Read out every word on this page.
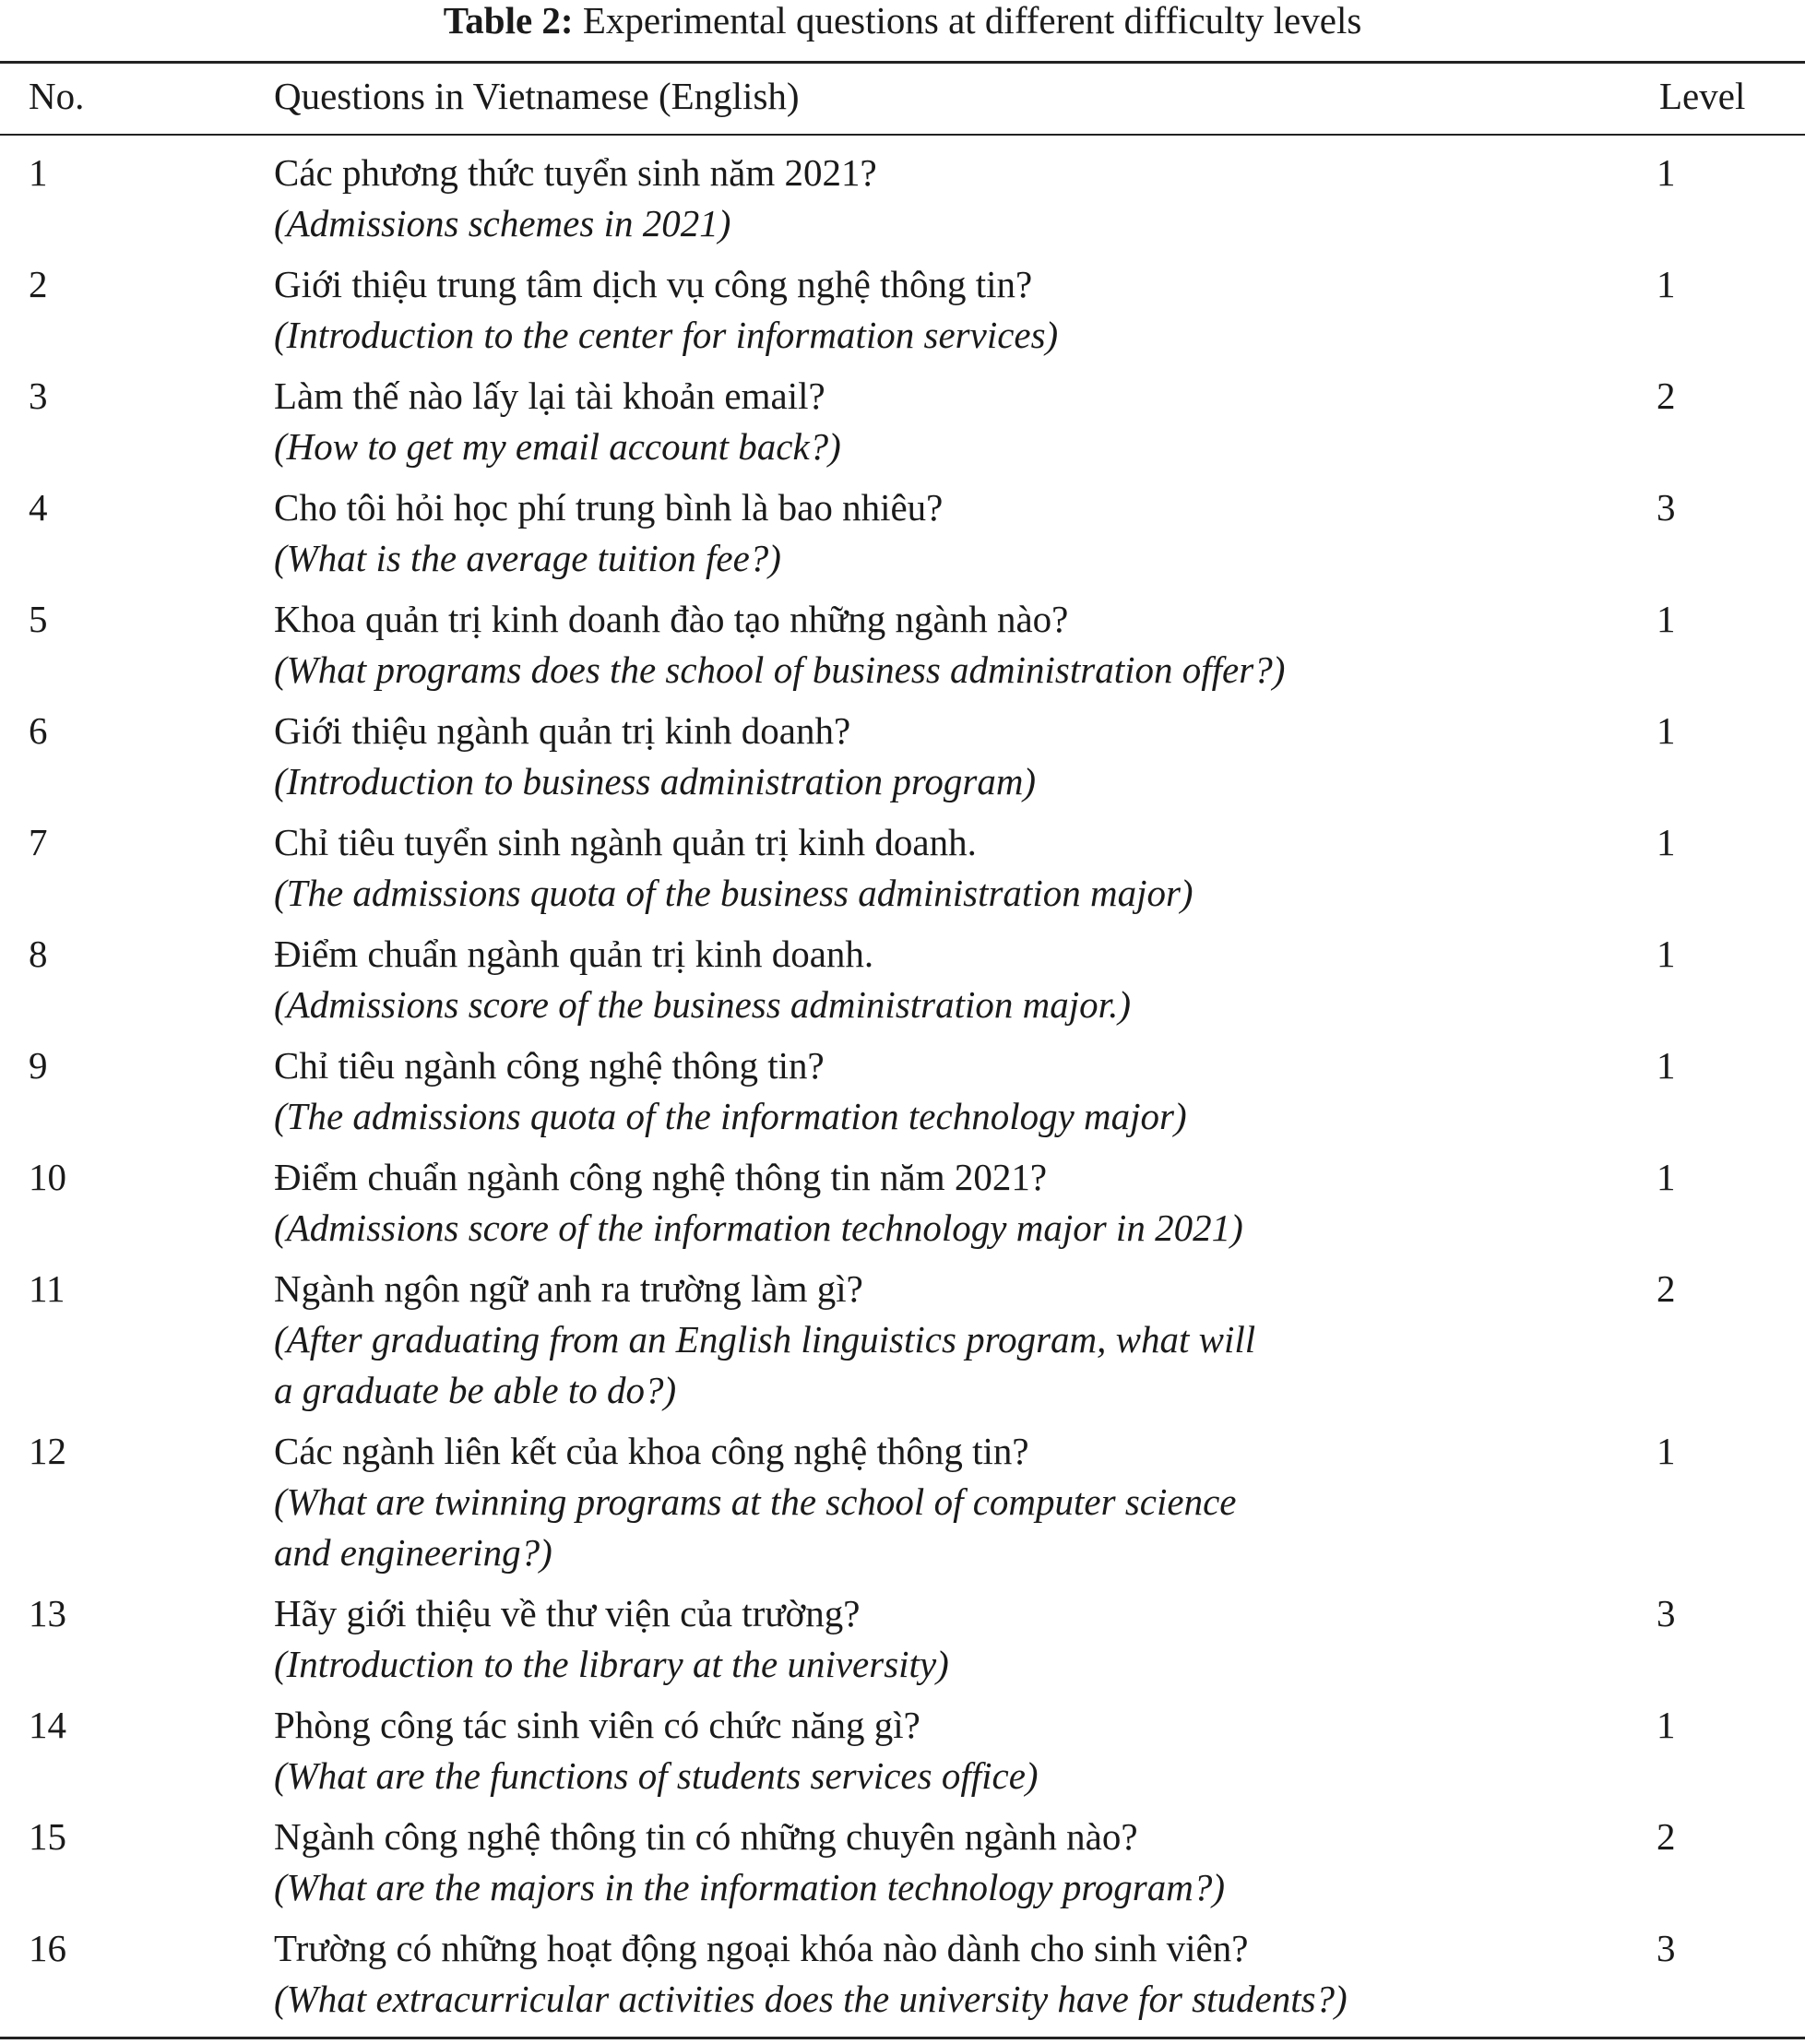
Table 2: Experimental questions at different difficulty levels
No.	Questions in Vietnamese (English)	Level
1	Các phương thức tuyển sinh năm 2021?
(Admissions schemes in 2021)
1
2	Giới thiệu trung tâm dịch vụ công nghệ thông tin?
(Introduction to the center for information services)
1
3	Làm thế nào lấy lại tài khoản email?
(How to get my email account back?)
2
4	Cho tôi hỏi học phí trung bình là bao nhiêu?
(What is the average tuition fee?)
3
5	Khoa quản trị kinh doanh đào tạo những ngành nào?
(What programs does the school of business administration offer?)
1
6	Giới thiệu ngành quản trị kinh doanh?
(Introduction to business administration program)
1
7	Chỉ tiêu tuyển sinh ngành quản trị kinh doanh.
(The admissions quota of the business administration major)
1
8	Điểm chuẩn ngành quản trị kinh doanh.
(Admissions score of the business administration major.)
1
9	Chỉ tiêu ngành công nghệ thông tin?
(The admissions quota of the information technology major)
1
10	Điểm chuẩn ngành công nghệ thông tin năm 2021?
(Admissions score of the information technology major in 2021)
1
11	Ngành ngôn ngữ anh ra trường làm gì?
(After graduating from an English linguistics program, what will
a graduate be able to do?)
2
12	Các ngành liên kết của khoa công nghệ thông tin?
(What are twinning programs at the school of computer science
and engineering?)
1
13	Hãy giới thiệu về thư viện của trường?
(Introduction to the library at the university)
3
14	Phòng công tác sinh viên có chức năng gì?
(What are the functions of students services office)
1
15	Ngành công nghệ thông tin có những chuyên ngành nào?
(What are the majors in the information technology program?)
2
16	Trường có những hoạt động ngoại khóa nào dành cho sinh viên?
(What extracurricular activities does the university have for students?)
3
